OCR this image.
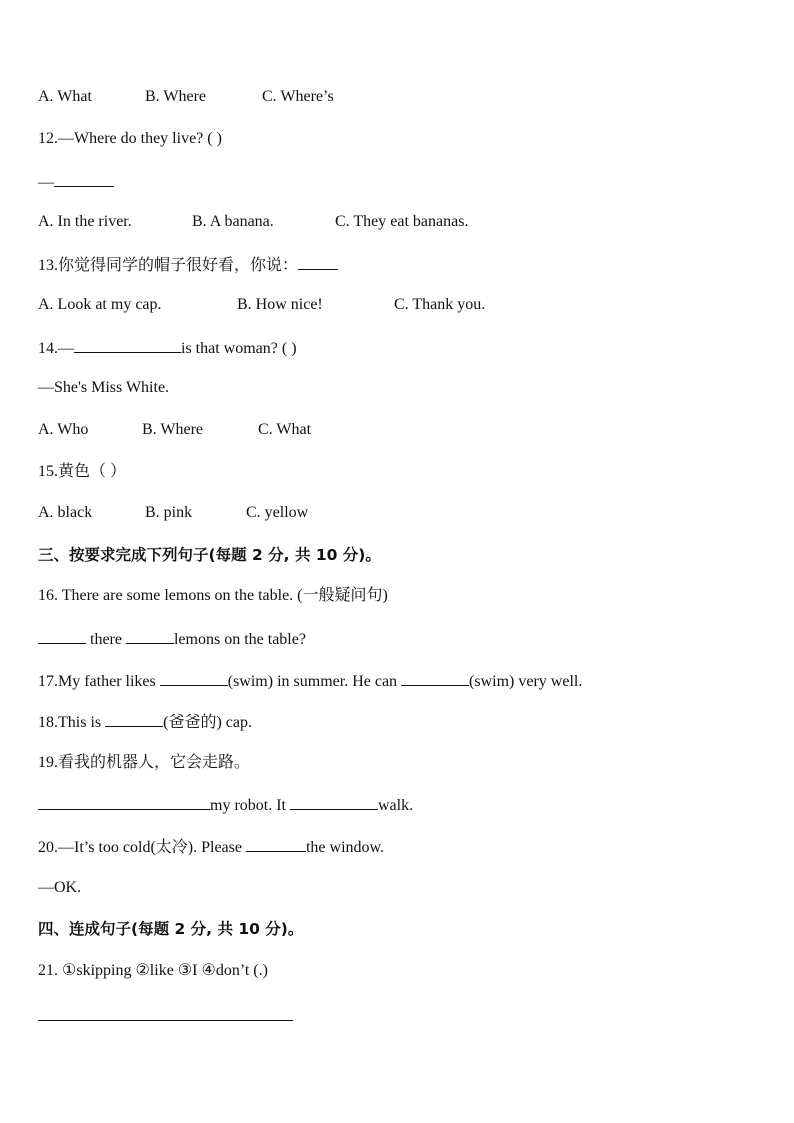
A. What	B. Where	C. Where’s
12.—Where do they live? ( )
—
A. In the river.	B. A banana.	C. They eat bananas.
13.你觉得同学的帽子很好看，你说：
A. Look at my cap.	B. How nice!	C. Thank you.
14.—	is that woman? ( )
—She's Miss White.
A. Who	B. Where	C. What
15.黄色（ ）
A. black	B. pink	C. yellow
三、按要求完成下列句子(每题 2 分, 共 10 分)。
16. There are some lemons on the table. (一般疑问句)
there	lemons on the table?
17.My father likes	(swim) in summer. He can	(swim) very well.
18.This is	(爸爸的) cap.
19.看我的机器人，它会走路。
my robot. It	walk.
20.—It’s too cold(太冷). Please	the window.
—OK.
四、连成句子(每题 2 分, 共 10 分)。
21. ①skipping ②like ③I ④don’t (.)
